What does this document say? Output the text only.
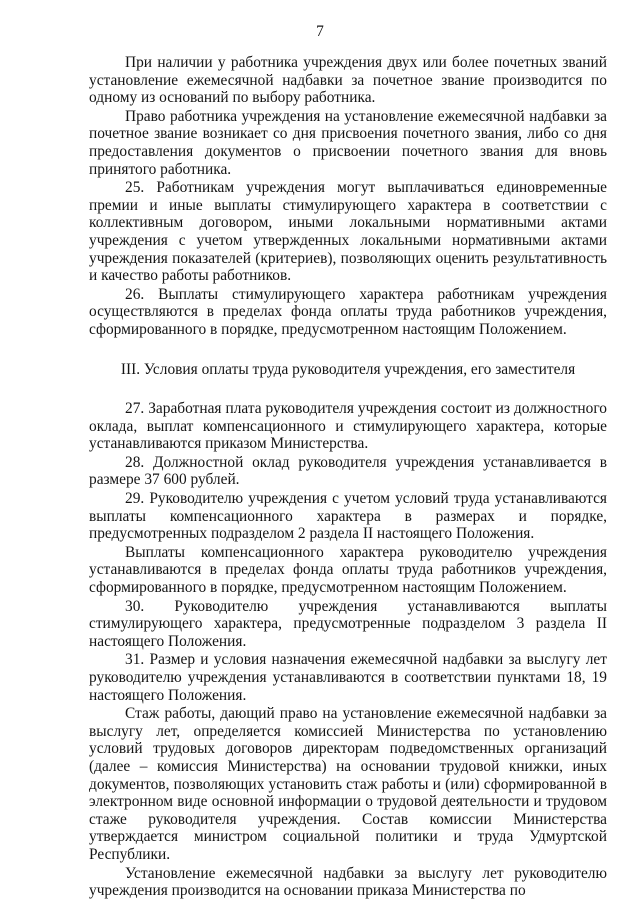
7

При наличии у работника учреждения двух или более почетных званий установление ежемесячной надбавки за почетное звание производится по одному из оснований по выбору работника.

Право работника учреждения на установление ежемесячной надбавки за почетное звание возникает со дня присвоения почетного звания, либо со дня предоставления документов о присвоении почетного звания для вновь принятого работника.

25. Работникам учреждения могут выплачиваться единовременные премии и иные выплаты стимулирующего характера в соответствии с коллективным договором, иными локальными нормативными актами учреждения с учетом утвержденных локальными нормативными актами учреждения показателей (критериев), позволяющих оценить результативность и качество работы работников.

26. Выплаты стимулирующего характера работникам учреждения осуществляются в пределах фонда оплаты труда работников учреждения, сформированного в порядке, предусмотренном настоящим Положением.

III. Условия оплаты труда руководителя учреждения, его заместителя

27. Заработная плата руководителя учреждения состоит из должностного оклада, выплат компенсационного и стимулирующего характера, которые устанавливаются приказом Министерства.

28. Должностной оклад руководителя учреждения устанавливается в размере 37 600 рублей.

29. Руководителю учреждения с учетом условий труда устанавливаются выплаты компенсационного характера в размерах и порядке, предусмотренных подразделом 2 раздела II настоящего Положения.

Выплаты компенсационного характера руководителю учреждения устанавливаются в пределах фонда оплаты труда работников учреждения, сформированного в порядке, предусмотренном настоящим Положением.

30. Руководителю учреждения устанавливаются выплаты стимулирующего характера, предусмотренные подразделом 3 раздела II настоящего Положения.

31. Размер и условия назначения ежемесячной надбавки за выслугу лет руководителю учреждения устанавливаются в соответствии пунктами 18, 19 настоящего Положения.

Стаж работы, дающий право на установление ежемесячной надбавки за выслугу лет, определяется комиссией Министерства по установлению условий трудовых договоров директорам подведомственных организаций (далее – комиссия Министерства) на основании трудовой книжки, иных документов, позволяющих установить стаж работы и (или) сформированной в электронном виде основной информации о трудовой деятельности и трудовом стаже руководителя учреждения. Состав комиссии Министерства утверждается министром социальной политики и труда Удмуртской Республики.

Установление ежемесячной надбавки за выслугу лет руководителю учреждения производится на основании приказа Министерства по
